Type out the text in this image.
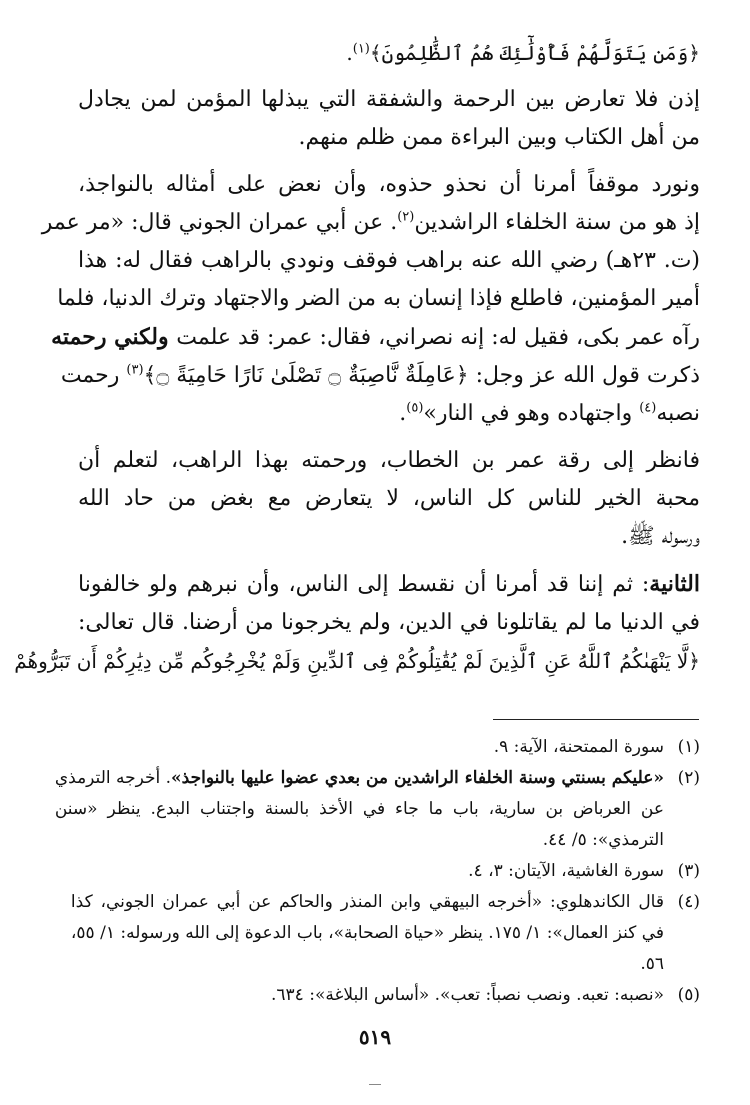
﴿وَمَن يَتَوَلَّهُمْ فَأُوْلَٰٓئِكَ هُمُ ٱلظَّٰلِمُونَ﴾$^{(١)}$.
إذن فلا تعارض بين الرحمة والشفقة التي يبذلها المؤمن لمن يجادل
من أهل الكتاب وبين البراءة ممن ظلم منهم.
ونورد موقفاً أمرنا أن نحذو حذوه، وأن نعض على أمثاله بالنواجذ،
إذ هو من سنة الخلفاء الراشدين$^{(٢)}$. عن أبي عمران الجوني قال: «مر عمر
(ت. ٢٣هـ) رضي الله عنه براهب فوقف ونودي بالراهب فقال له: هذا
أمير المؤمنين، فاطلع فإذا إنسان به من الضر والاجتهاد وترك الدنيا، فلما
رآه عمر بكى، فقيل له: إنه نصراني، فقال: عمر: قد علمت ولكني رحمته
ذكرت قول الله عز وجل: ﴿عَامِلَةٌ نَّاصِبَةٌ ۝ تَصْلَىٰ نَارًا حَامِيَةً ۝﴾$^{(٣)}$ رحمت
نصبه$^{(٤)}$ واجتهاده وهو في النار»$^{(٥)}$.
فانظر إلى رقة عمر بن الخطاب، ورحمته بهذا الراهب، لتعلم أن
محبة الخير للناس كل الناس، لا يتعارض مع بغض من حاد الله
ورسوله ﷺ.
الثانية: ثم إننا قد أمرنا أن نقسط إلى الناس، وأن نبرهم ولو خالفونا
في الدنيا ما لم يقاتلونا في الدين، ولم يخرجونا من أرضنا. قال تعالى:
﴿لَّا يَنْهَىٰكُمُ ٱللَّهُ عَنِ ٱلَّذِينَ لَمْ يُقَٰتِلُوكُمْ فِى ٱلدِّينِ وَلَمْ يُخْرِجُوكُم مِّن دِيَٰرِكُمْ أَن تَبَرُّوهُمْ
(١)
سورة الممتحنة، الآية: ٩.
(٢)
«عليكم بسنتي وسنة الخلفاء الراشدين من بعدي عضوا عليها بالنواجذ». أخرجه الترمذي
عن العرباض بن سارية، باب ما جاء في الأخذ بالسنة واجتناب البدع. ينظر «سنن
الترمذي»: ٥/ ٤٤.
(٣)
سورة الغاشية، الآيتان: ٣، ٤.
(٤)
قال الكاندهلوي: «أخرجه البيهقي وابن المنذر والحاكم عن أبي عمران الجوني، كذا
في كنز العمال»: ١/ ١٧٥. ينظر «حياة الصحابة»، باب الدعوة إلى الله ورسوله: ١/ ٥٥،
٥٦.
(٥)
«نصبه: تعبه. ونصب نصباً: تعب». «أساس البلاغة»: ٦٣٤.
٥١٩
